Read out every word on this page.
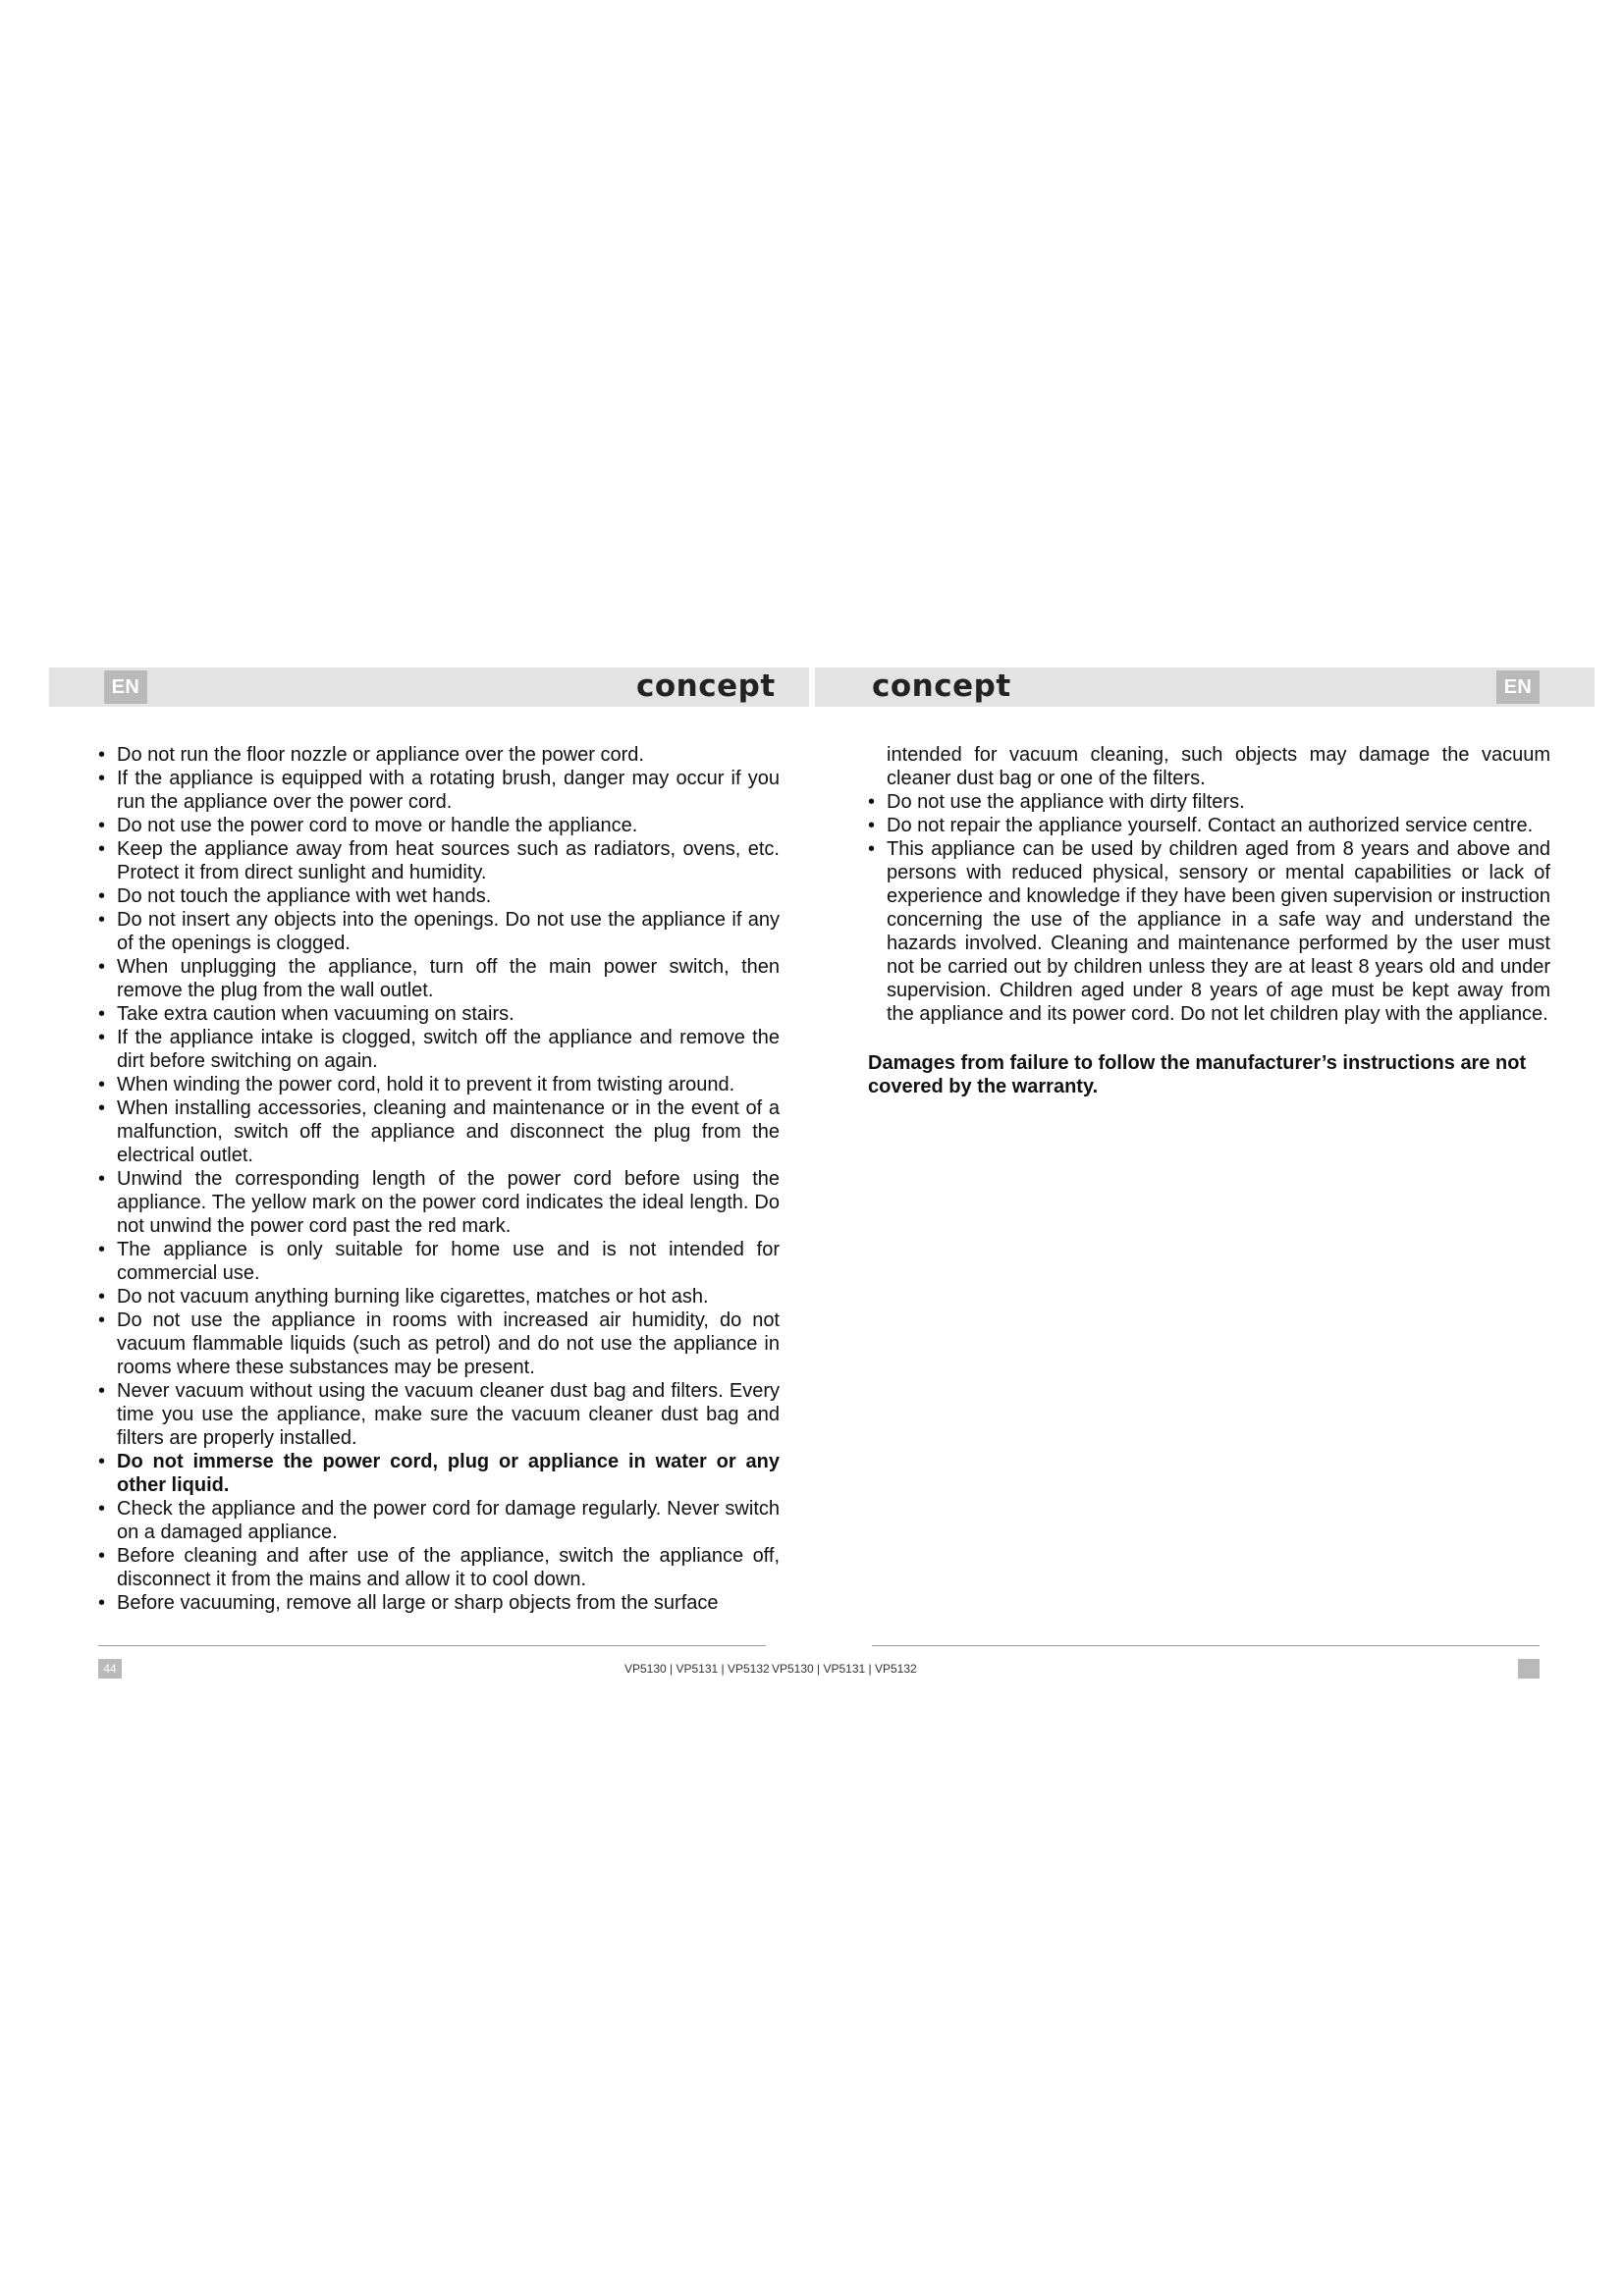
EN	concept	concept	EN
• Do not run the floor nozzle or appliance over the power cord.
• If the appliance is equipped with a rotating brush, danger may occur if you run the appliance over the power cord.
• Do not use the power cord to move or handle the appliance.
• Keep the appliance away from heat sources such as radiators, ovens, etc. Protect it from direct sunlight and humidity.
• Do not touch the appliance with wet hands.
• Do not insert any objects into the openings. Do not use the appliance if any of the openings is clogged.
• When unplugging the appliance, turn off the main power switch, then remove the plug from the wall outlet.
• Take extra caution when vacuuming on stairs.
• If the appliance intake is clogged, switch off the appliance and remove the dirt before switching on again.
• When winding the power cord, hold it to prevent it from twisting around.
• When installing accessories, cleaning and maintenance or in the event of a malfunction, switch off the appliance and disconnect the plug from the electrical outlet.
• Unwind the corresponding length of the power cord before using the appliance. The yellow mark on the power cord indicates the ideal length. Do not unwind the power cord past the red mark.
• The appliance is only suitable for home use and is not intended for commercial use.
• Do not vacuum anything burning like cigarettes, matches or hot ash.
• Do not use the appliance in rooms with increased air humidity, do not vacuum flammable liquids (such as petrol) and do not use the appliance in rooms where these substances may be present.
• Never vacuum without using the vacuum cleaner dust bag and filters. Every time you use the appliance, make sure the vacuum cleaner dust bag and filters are properly installed.
• Do not immerse the power cord, plug or appliance in water or any other liquid.
• Check the appliance and the power cord for damage regularly. Never switch on a damaged appliance.
• Before cleaning and after use of the appliance, switch the appliance off, disconnect it from the mains and allow it to cool down.
• Before vacuuming, remove all large or sharp objects from the surface
intended for vacuum cleaning, such objects may damage the vacuum cleaner dust bag or one of the filters.
• Do not use the appliance with dirty filters.
• Do not repair the appliance yourself. Contact an authorized service centre.
• This appliance can be used by children aged from 8 years and above and persons with reduced physical, sensory or mental capabilities or lack of experience and knowledge if they have been given supervision or instruction concerning the use of the appliance in a safe way and understand the hazards involved. Cleaning and maintenance performed by the user must not be carried out by children unless they are at least 8 years old and under supervision. Children aged under 8 years of age must be kept away from the appliance and its power cord. Do not let children play with the appliance.
Damages from failure to follow the manufacturer’s instructions are not covered by the warranty.
44	VP5130 | VP5131 | VP5132 VP5130 | VP5131 | VP5132
